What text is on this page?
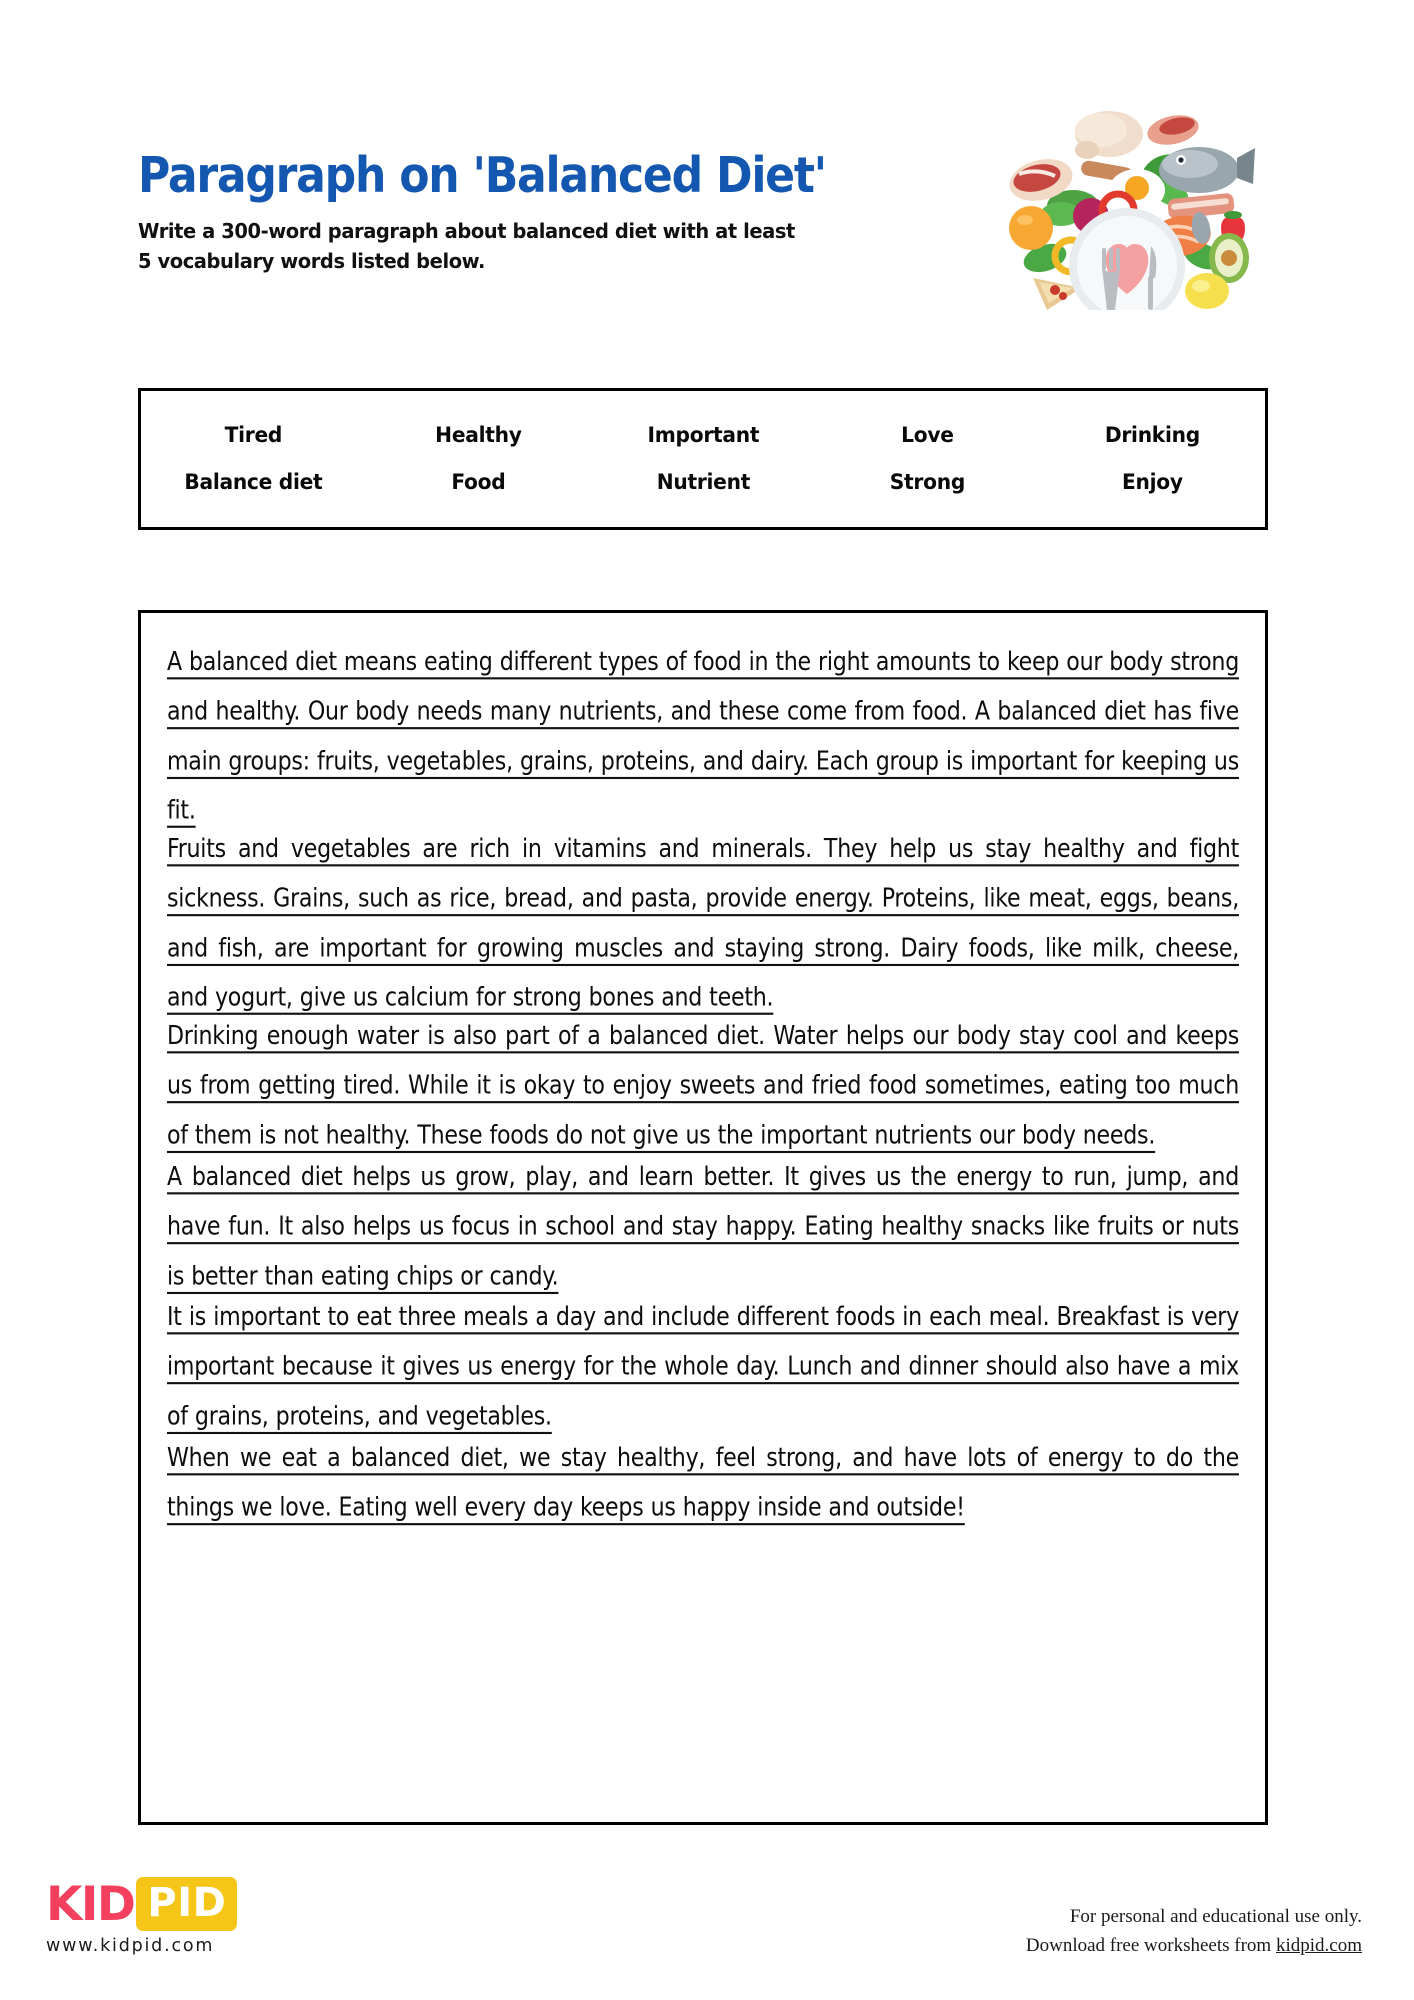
Paragraph on 'Balanced Diet'
Write a 300-word paragraph about balanced diet with at least 5 vocabulary words listed below.
Tired	Healthy	Important	Love	Drinking
Balance diet	Food	Nutrient	Strong	Enjoy

A balanced diet means eating different types of food in the right amounts to keep our body strong and healthy. Our body needs many nutrients, and these come from food. A balanced diet has five main groups: fruits, vegetables, grains, proteins, and dairy. Each group is important for keeping us fit.

Fruits and vegetables are rich in vitamins and minerals. They help us stay healthy and fight sickness. Grains, such as rice, bread, and pasta, provide energy. Proteins, like meat, eggs, beans, and fish, are important for growing muscles and staying strong. Dairy foods, like milk, cheese, and yogurt, give us calcium for strong bones and teeth.

Drinking enough water is also part of a balanced diet. Water helps our body stay cool and keeps us from getting tired. While it is okay to enjoy sweets and fried food sometimes, eating too much of them is not healthy. These foods do not give us the important nutrients our body needs.

A balanced diet helps us grow, play, and learn better. It gives us the energy to run, jump, and have fun. It also helps us focus in school and stay happy. Eating healthy snacks like fruits or nuts is better than eating chips or candy.

It is important to eat three meals a day and include different foods in each meal. Breakfast is very important because it gives us energy for the whole day. Lunch and dinner should also have a mix of grains, proteins, and vegetables.

When we eat a balanced diet, we stay healthy, feel strong, and have lots of energy to do the things we love. Eating well every day keeps us happy inside and outside!

KID PID
www.kidpid.com
For personal and educational use only.
Download free worksheets from kidpid.com
